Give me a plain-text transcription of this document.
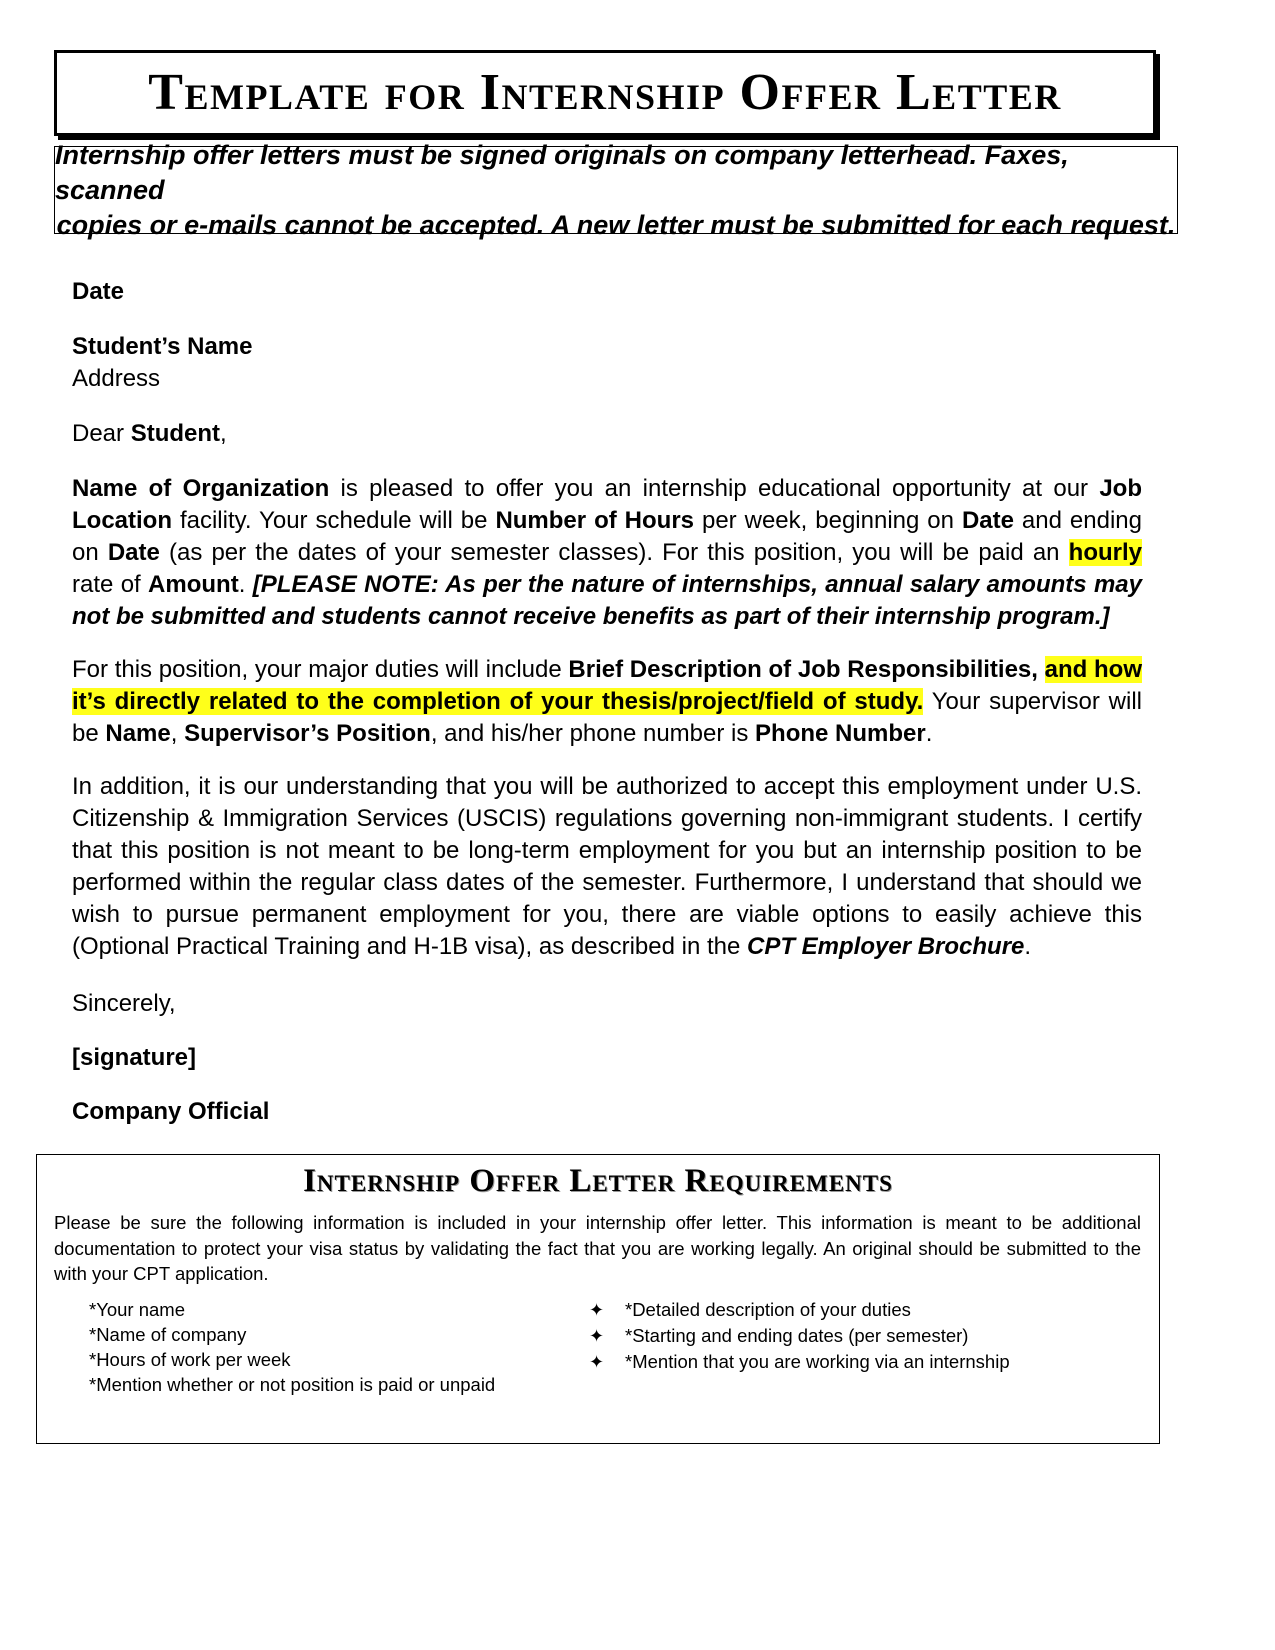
Template for Internship Offer Letter
Internship offer letters must be signed originals on company letterhead. Faxes, scanned
copies or e-mails cannot be accepted. A new letter must be submitted for each request.

Date

Student’s Name

Address

Dear Student,

Name of Organization is pleased to offer you an internship educational opportunity at our Job Location facility. Your schedule will be Number of Hours per week, beginning on Date and ending on Date (as per the dates of your semester classes). For this position, you will be paid an hourly rate of Amount. [PLEASE NOTE: As per the nature of internships, annual salary amounts may not be submitted and students cannot receive benefits as part of their internship program.]

For this position, your major duties will include Brief Description of Job Responsibilities, and how it’s directly related to the completion of your thesis/project/field of study. Your supervisor will be Name, Supervisor’s Position, and his/her phone number is Phone Number.

In addition, it is our understanding that you will be authorized to accept this employment under U.S. Citizenship & Immigration Services (USCIS) regulations governing non-immigrant students. I certify that this position is not meant to be long-term employment for you but an internship position to be performed within the regular class dates of the semester. Furthermore, I understand that should we wish to pursue permanent employment for you, there are viable options to easily achieve this (Optional Practical Training and H-1B visa), as described in the CPT Employer Brochure.

Sincerely,

[signature]

Company Official

Internship Offer Letter Requirements
Please be sure the following information is included in your internship offer letter. This information is meant to be additional documentation to protect your visa status by validating the fact that you are working legally. An original should be submitted to the with your CPT application.
*Your name
*Name of company
*Hours of work per week
*Mention whether or not position is paid or unpaid
✦	*Detailed description of your duties
✦	*Starting and ending dates (per semester)
✦	*Mention that you are working via an internship
